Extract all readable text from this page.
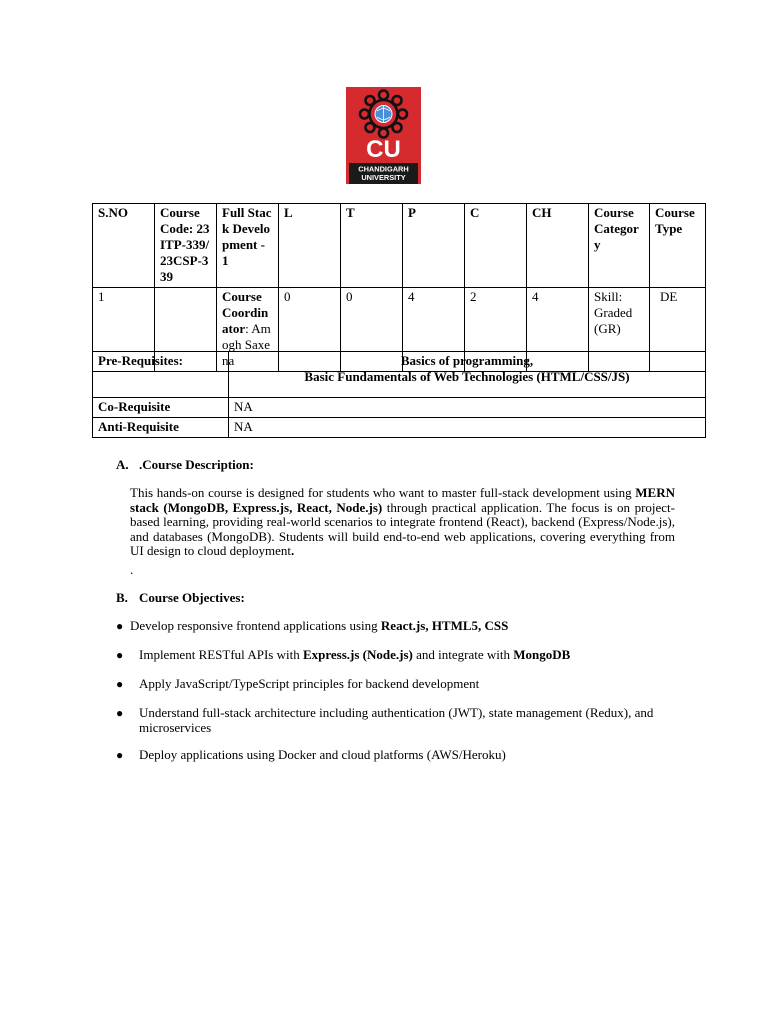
CU
CHANDIGARH
UNIVERSITY
S.NO	Course Code: 23ITP-339/23CSP-339	Full Stack Development - 1	L	T	P	C	CH	Course Category	Course Type
1		Course Coordinator: Amogh Saxena	0	0	4	2	4	Skill: Graded (GR)	DE
Pre-Requisites:	Basics of programming,
Basic Fundamentals of Web Technologies (HTML/CSS/JS)

Co-Requisite	NA
Anti-Requisite	NA
A. .Course Description:
This hands-on course is designed for students who want to master full-stack development using MERN stack (MongoDB, Express.js, React, Node.js) through practical application. The focus is on project-based learning, providing real-world scenarios to integrate frontend (React), backend (Express/Node.js), and databases (MongoDB). Students will build end-to-end web applications, covering everything from UI design to cloud deployment.
.
B. Course Objectives:
● Develop responsive frontend applications using React.js, HTML5, CSS
● Implement RESTful APIs with Express.js (Node.js) and integrate with MongoDB
● Apply JavaScript/TypeScript principles for backend development
● Understand full-stack architecture including authentication (JWT), state management (Redux), and microservices
● Deploy applications using Docker and cloud platforms (AWS/Heroku)
